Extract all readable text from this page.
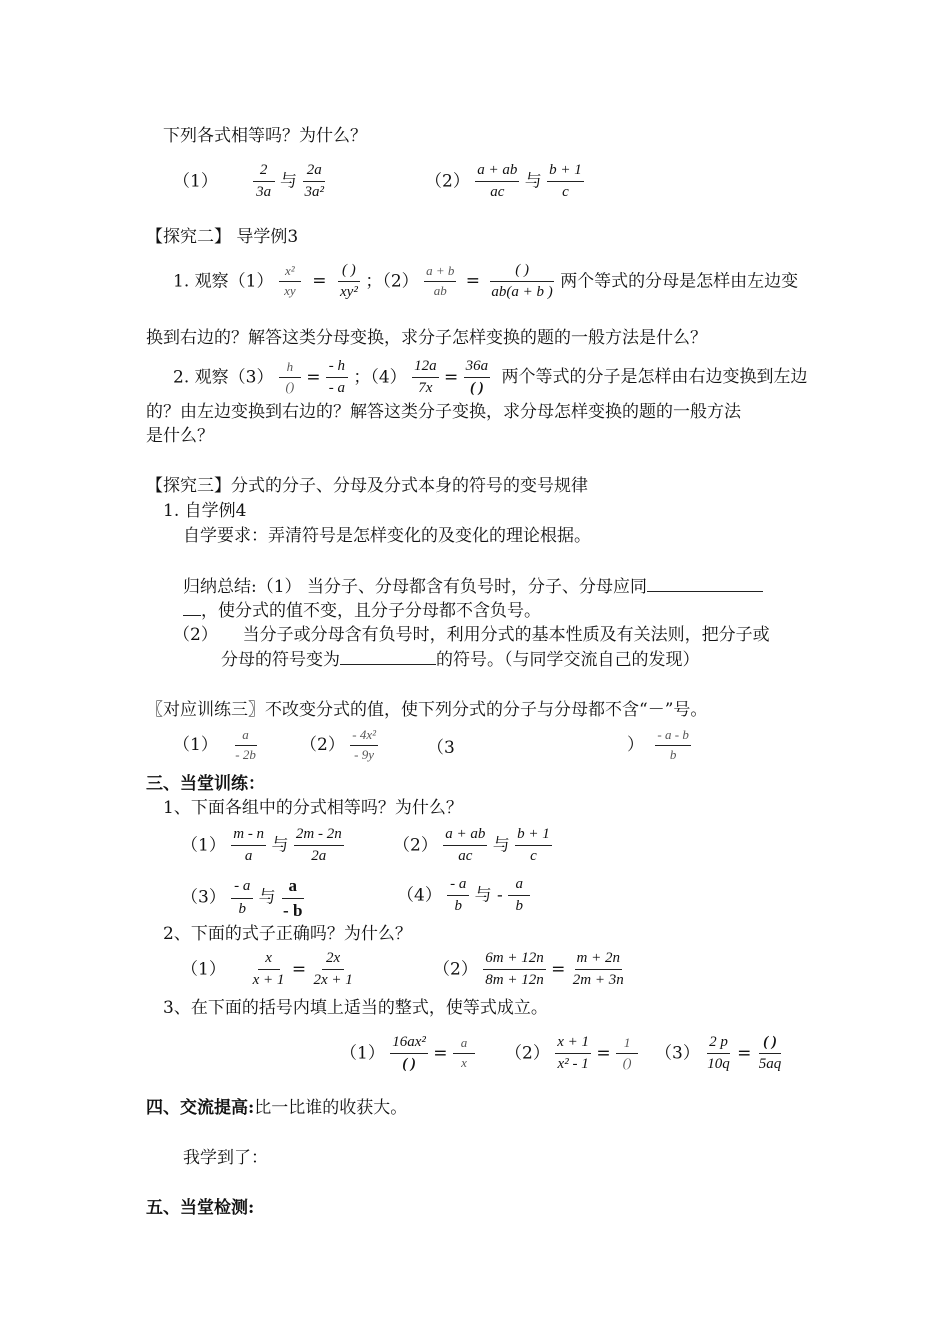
下列各式相等吗？为什么？
$(1) \frac{2}{3a}$ 与 $\frac{2a}{\text{3a²}}$	$(2) \frac{a + ab}{ac}$ 与 $\frac{b + 1}{c}$
【探究二】 导学例3
1. 观察$(1) \frac{\text{x²}}{xy}$ =
( )
xy²
；$(2) \frac{a + b}{ab}$ =
( )
ab(a + b )
两个等式的分母是怎样由左边变
换到右边的？解答这类分母变换，求分子怎样变换的题的一般方法是什么？
2. 观察（3）
h
() = $\frac{- h}{- a}$ ；$(4) \frac{12a}{7x}$ =
36a
( )
两个等式的分子是怎样由右边变换到左边
的？由左边变换到右边的？解答这类分子变换，求分母怎样变换的题的一般方法
是什么？
【探究三】分式的分子、分母及分式本身的符号的变号规律
1. 自学例4
自学要求：弄清符号是怎样变化的及变化的理论根据。
归纳总结:（1） 当分子、分母都含有负号时，分子、分母应同
，使分式的值不变，且分子分母都不含负号。
（2） 当分子或分母含有负号时，利用分式的基本性质及有关法则，把分子或
分母的符号变为	的符号。（与同学交流自己的发现）
〖对应训练三〗不改变分式的值，使下列分式的分子与分母都不含“－”号。
$(1) \frac{a}{- 2b} (2) \frac{\text{- 4x²}}{- 9y}$	（3	） $\frac{- a - b}{b}$
三、当堂训练：
1、下面各组中的分式相等吗？为什么？
$(1) \frac{m - n}{a}$ 与 $\frac{2m - 2n}{2a}$	$(2) \frac{a + ab}{ac}$ 与 $\frac{b + 1}{c}$
$(3) \frac{- a}{b}$ 与 $\frac{a}{- b}$	$(4) \frac{- a}{b}$ 与 - $\frac{a}{b}$
2、下面的式子正确吗？为什么？
$(1) \frac{x}{x + 1} = \frac{2x}{2x + 1}$	$(2) \frac{6m + 12n}{8m + 12n} = \frac{m + 2n}{2m + 3n}$
3、在下面的括号内填上适当的整式，使等式成立。
（1）
16ax²
( )
= $\frac{a}{x} (2) \frac{x + 1}{\text{x² - 1}}$ =
1
()	$(3) \frac{2 p}{10q}$ =
( )
5aq
四、交流提高:比一比谁的收获大。
我学到了：
五、当堂检测:
